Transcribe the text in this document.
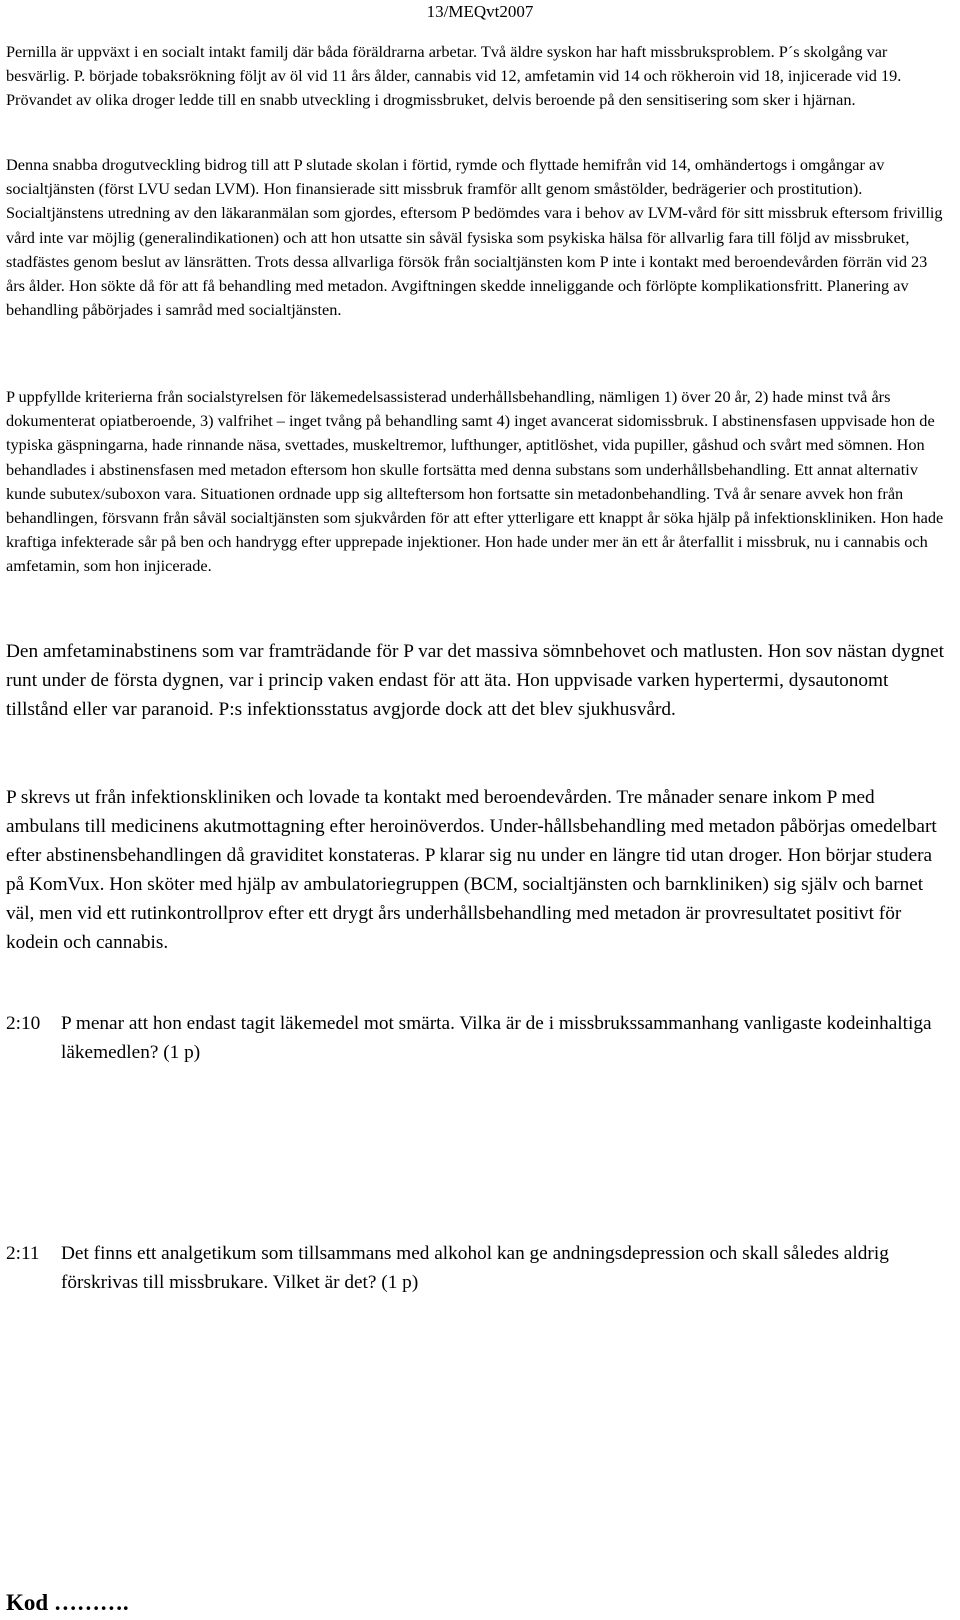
13/MEQvt2007

Pernilla är uppväxt i en socialt intakt familj där båda föräldrarna arbetar. Två äldre syskon har haft missbruksproblem. P´s skolgång var besvärlig. P. började tobaksrökning följt av öl vid 11 års ålder, cannabis vid 12, amfetamin vid 14 och rökheroin vid 18, injicerade vid 19. Prövandet av olika droger ledde till en snabb utveckling i drogmissbruket, delvis beroende på den sensitisering som sker i hjärnan.

Denna snabba drogutveckling bidrog till att P slutade skolan i förtid, rymde och flyttade hemifrån vid 14, omhändertogs i omgångar av socialtjänsten (först LVU sedan LVM). Hon finansierade sitt missbruk framför allt genom småstölder, bedrägerier och prostitution). Socialtjänstens utredning av den läkaranmälan som gjordes, eftersom P bedömdes vara i behov av LVM-vård för sitt missbruk eftersom frivillig vård inte var möjlig (generalindikationen) och att hon utsatte sin såväl fysiska som psykiska hälsa för allvarlig fara till följd av missbruket, stadfästes genom beslut av länsrätten. Trots dessa allvarliga försök från socialtjänsten kom P inte i kontakt med beroendevården förrän vid 23 års ålder. Hon sökte då för att få behandling med metadon. Avgiftningen skedde inneliggande och förlöpte komplikationsfritt. Planering av behandling påbörjades i samråd med socialtjänsten.

P uppfyllde kriterierna från socialstyrelsen för läkemedelsassisterad underhållsbehandling, nämligen 1) över 20 år, 2) hade minst två års dokumenterat opiatberoende, 3) valfrihet – inget tvång på behandling samt 4) inget avancerat sidomissbruk. I abstinensfasen uppvisade hon de typiska gäspningarna, hade rinnande näsa, svettades, muskeltremor, lufthunger, aptitlöshet, vida pupiller, gåshud och svårt med sömnen. Hon behandlades i abstinensfasen med metadon eftersom hon skulle fortsätta med denna substans som underhållsbehandling. Ett annat alternativ kunde subutex/suboxon vara. Situationen ordnade upp sig allteftersom hon fortsatte sin metadonbehandling. Två år senare avvek hon från behandlingen, försvann från såväl socialtjänsten som sjukvården för att efter ytterligare ett knappt år söka hjälp på infektionskliniken. Hon hade kraftiga infekterade sår på ben och handrygg efter upprepade injektioner. Hon hade under mer än ett år återfallit i missbruk, nu i cannabis och amfetamin, som hon injicerade.

Den amfetaminabstinens som var framträdande för P var det massiva sömnbehovet och matlusten. Hon sov nästan dygnet runt under de första dygnen, var i princip vaken endast för att äta. Hon uppvisade varken hypertermi, dysautonomt tillstånd eller var paranoid. P:s infektionsstatus avgjorde dock att det blev sjukhusvård.

P skrevs ut från infektionskliniken och lovade ta kontakt med beroendevården. Tre månader senare inkom P med ambulans till medicinens akutmottagning efter heroinöverdos. Under-hållsbehandling med metadon påbörjas omedelbart efter abstinensbehandlingen då graviditet konstateras. P klarar sig nu under en längre tid utan droger. Hon börjar studera på KomVux. Hon sköter med hjälp av ambulatoriegruppen (BCM, socialtjänsten och barnkliniken) sig själv och barnet väl, men vid ett rutinkontrollprov efter ett drygt års underhållsbehandling med metadon är provresultatet positivt för kodein och cannabis.

2:10	P menar att hon endast tagit läkemedel mot smärta. Vilka är de i missbrukssammanhang vanligaste kodeinhaltiga läkemedlen? (1 p)
2:11	Det finns ett analgetikum som tillsammans med alkohol kan ge andningsdepression och skall således aldrig förskrivas till missbrukare. Vilket är det? (1 p)
Kod ……….
